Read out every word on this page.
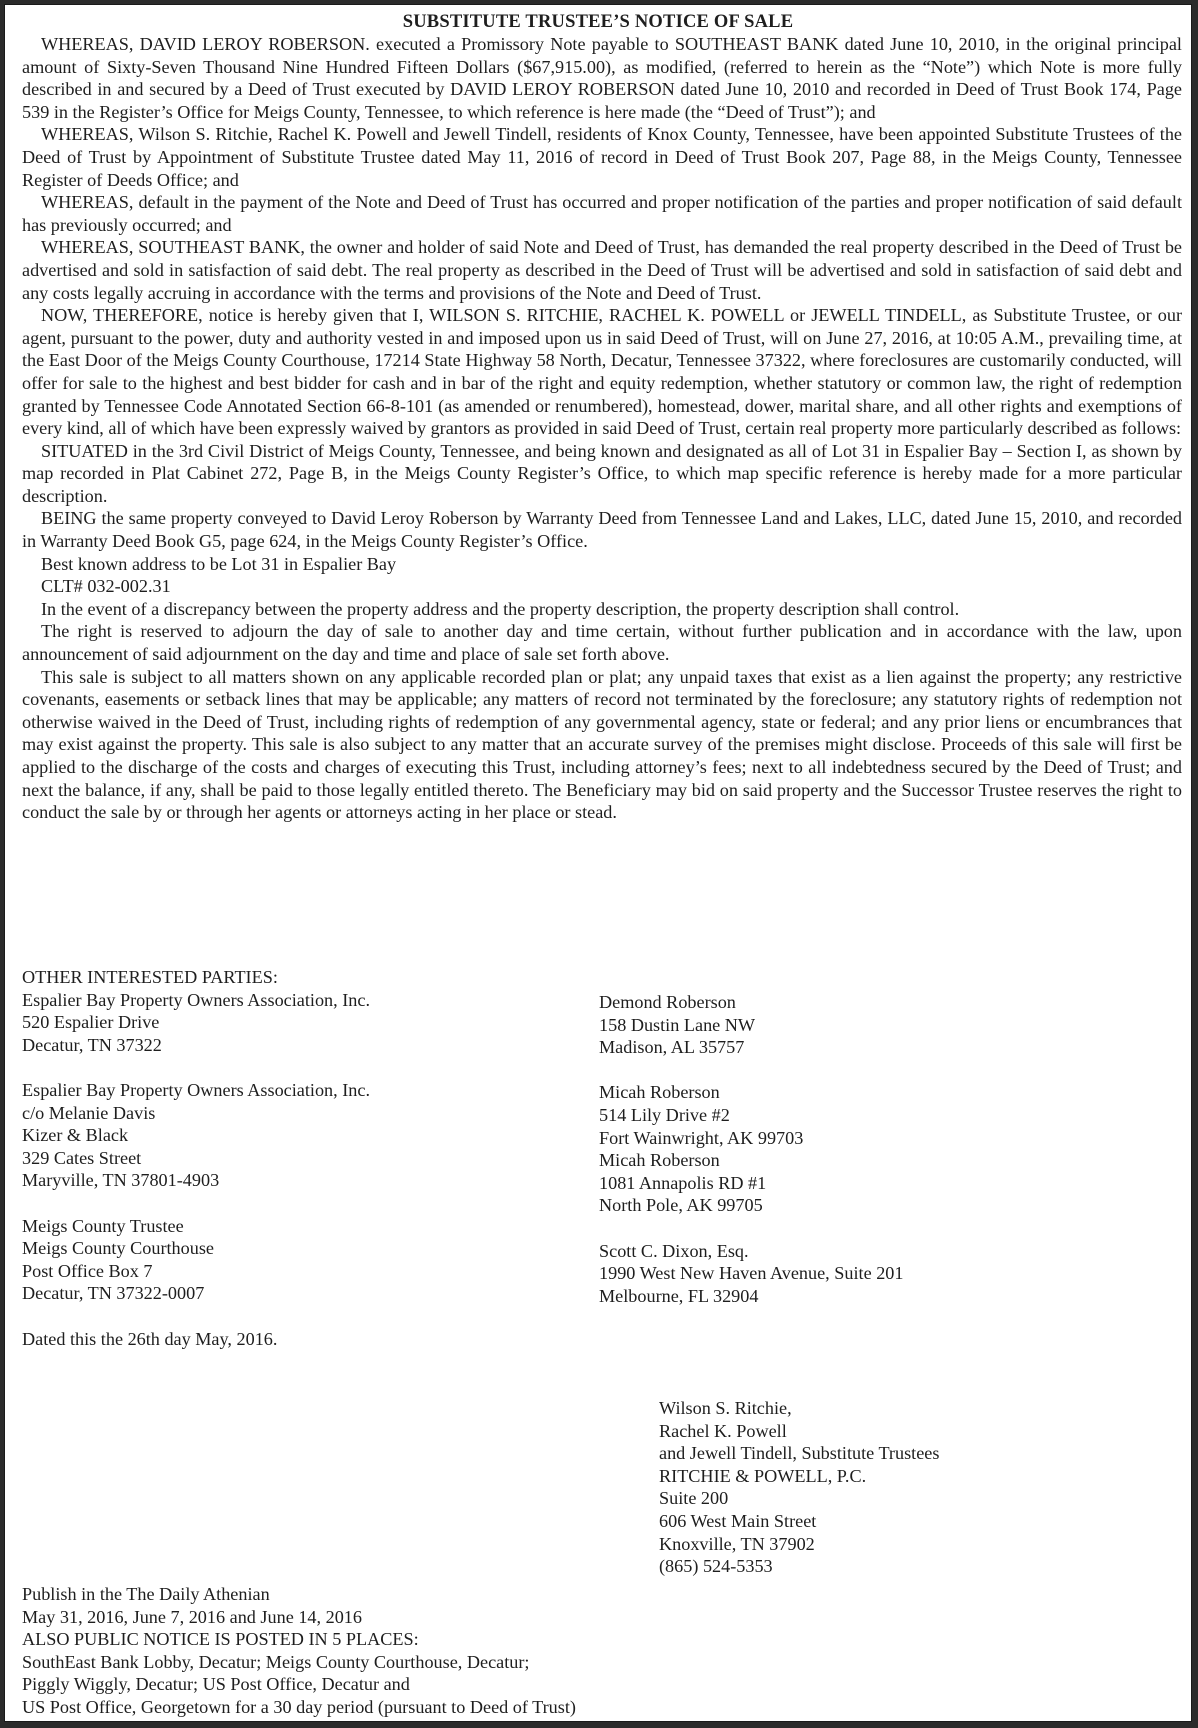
SUBSTITUTE TRUSTEE’S NOTICE OF SALE

WHEREAS, DAVID LEROY ROBERSON. executed a Promissory Note payable to SOUTHEAST BANK dated June 10, 2010, in the original principal amount of Sixty-Seven Thousand Nine Hundred Fifteen Dollars ($67,915.00), as modified, (referred to herein as the “Note”) which Note is more fully described in and secured by a Deed of Trust executed by DAVID LEROY ROBERSON dated June 10, 2010 and recorded in Deed of Trust Book 174, Page 539 in the Register’s Office for Meigs County, Tennessee, to which reference is here made (the “Deed of Trust”); and

WHEREAS, Wilson S. Ritchie, Rachel K. Powell and Jewell Tindell, residents of Knox County, Tennessee, have been appointed Substitute Trustees of the Deed of Trust by Appointment of Substitute Trustee dated May 11, 2016 of record in Deed of Trust Book 207, Page 88, in the Meigs County, Tennessee Register of Deeds Office; and

WHEREAS, default in the payment of the Note and Deed of Trust has occurred and proper notification of the parties and proper notification of said default has previously occurred; and

WHEREAS, SOUTHEAST BANK, the owner and holder of said Note and Deed of Trust, has demanded the real property described in the Deed of Trust be advertised and sold in satisfaction of said debt. The real property as described in the Deed of Trust will be advertised and sold in satisfaction of said debt and any costs legally accruing in accordance with the terms and provisions of the Note and Deed of Trust.

NOW, THEREFORE, notice is hereby given that I, WILSON S. RITCHIE, RACHEL K. POWELL or JEWELL TINDELL, as Substitute Trustee, or our agent, pursuant to the power, duty and authority vested in and imposed upon us in said Deed of Trust, will on June 27, 2016, at 10:05 A.M., prevailing time, at the East Door of the Meigs County Courthouse, 17214 State Highway 58 North, Decatur, Tennessee 37322, where foreclosures are customarily conducted, will offer for sale to the highest and best bidder for cash and in bar of the right and equity redemption, whether statutory or common law, the right of redemption granted by Tennessee Code Annotated Section 66-8-101 (as amended or renumbered), homestead, dower, marital share, and all other rights and exemptions of every kind, all of which have been expressly waived by grantors as provided in said Deed of Trust, certain real property more particularly described as follows:

SITUATED in the 3rd Civil District of Meigs County, Tennessee, and being known and designated as all of Lot 31 in Espalier Bay – Section I, as shown by map recorded in Plat Cabinet 272, Page B, in the Meigs County Register’s Office, to which map specific reference is hereby made for a more particular description.

BEING the same property conveyed to David Leroy Roberson by Warranty Deed from Tennessee Land and Lakes, LLC, dated June 15, 2010, and recorded in Warranty Deed Book G5, page 624, in the Meigs County Register’s Office.

Best known address to be Lot 31 in Espalier Bay

CLT# 032-002.31

In the event of a discrepancy between the property address and the property description, the property description shall control.

The right is reserved to adjourn the day of sale to another day and time certain, without further publication and in accordance with the law, upon announcement of said adjournment on the day and time and place of sale set forth above.

This sale is subject to all matters shown on any applicable recorded plan or plat; any unpaid taxes that exist as a lien against the property; any restrictive covenants, easements or setback lines that may be applicable; any matters of record not terminated by the foreclosure; any statutory rights of redemption not otherwise waived in the Deed of Trust, including rights of redemption of any governmental agency, state or federal; and any prior liens or encumbrances that may exist against the property. This sale is also subject to any matter that an accurate survey of the premises might disclose. Proceeds of this sale will first be applied to the discharge of the costs and charges of executing this Trust, including attorney’s fees; next to all indebtedness secured by the Deed of Trust; and next the balance, if any, shall be paid to those legally entitled thereto. The Beneficiary may bid on said property and the Successor Trustee reserves the right to conduct the sale by or through her agents or attorneys acting in her place or stead.

OTHER INTERESTED PARTIES:
Espalier Bay Property Owners Association, Inc.
520 Espalier Drive
Decatur, TN 37322
Espalier Bay Property Owners Association, Inc.
c/o Melanie Davis
Kizer & Black
329 Cates Street
Maryville, TN 37801-4903
Meigs County Trustee
Meigs County Courthouse
Post Office Box 7
Decatur, TN 37322-0007
Dated this the 26th day May, 2016.
Demond Roberson
158 Dustin Lane NW
Madison, AL 35757
Micah Roberson
514 Lily Drive #2
Fort Wainwright, AK 99703
Micah Roberson
1081 Annapolis RD #1
North Pole, AK 99705
Scott C. Dixon, Esq.
1990 West New Haven Avenue, Suite 201
Melbourne, FL 32904
Wilson S. Ritchie,
Rachel K. Powell
and Jewell Tindell, Substitute Trustees
RITCHIE & POWELL, P.C.
Suite 200
606 West Main Street
Knoxville, TN 37902
(865) 524-5353
Publish in the The Daily Athenian
May 31, 2016, June 7, 2016 and June 14, 2016
ALSO PUBLIC NOTICE IS POSTED IN 5 PLACES:
SouthEast Bank Lobby, Decatur; Meigs County Courthouse, Decatur;
Piggly Wiggly, Decatur; US Post Office, Decatur and
US Post Office, Georgetown for a 30 day period (pursuant to Deed of Trust)
